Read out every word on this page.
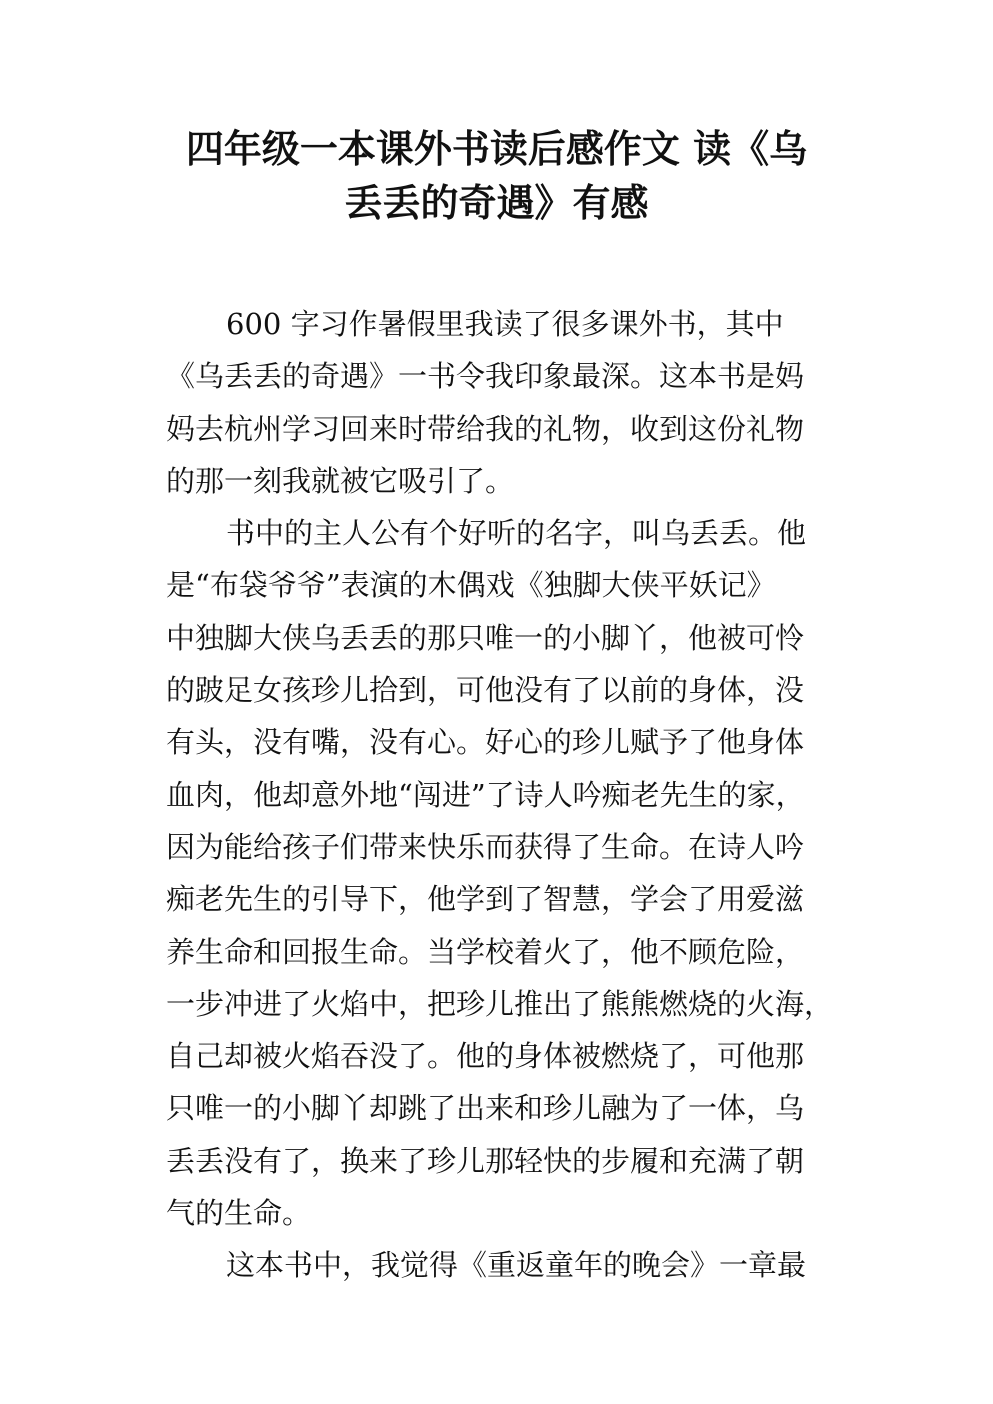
四年级一本课外书读后感作文 读《乌
丢丢的奇遇》有感
600 字习作暑假里我读了很多课外书，其中
《乌丢丢的奇遇》一书令我印象最深。这本书是妈
妈去杭州学习回来时带给我的礼物，收到这份礼物
的那一刻我就被它吸引了。
书中的主人公有个好听的名字，叫乌丢丢。他
是“布袋爷爷”表演的木偶戏《独脚大侠平妖记》
中独脚大侠乌丢丢的那只唯一的小脚丫，他被可怜
的跛足女孩珍儿拾到，可他没有了以前的身体，没
有头，没有嘴，没有心。好心的珍儿赋予了他身体
血肉，他却意外地“闯进”了诗人吟痴老先生的家，
因为能给孩子们带来快乐而获得了生命。在诗人吟
痴老先生的引导下，他学到了智慧，学会了用爱滋
养生命和回报生命。当学校着火了，他不顾危险，
一步冲进了火焰中，把珍儿推出了熊熊燃烧的火海，
自己却被火焰吞没了。他的身体被燃烧了，可他那
只唯一的小脚丫却跳了出来和珍儿融为了一体，乌
丢丢没有了，换来了珍儿那轻快的步履和充满了朝
气的生命。
这本书中，我觉得《重返童年的晚会》一章最
